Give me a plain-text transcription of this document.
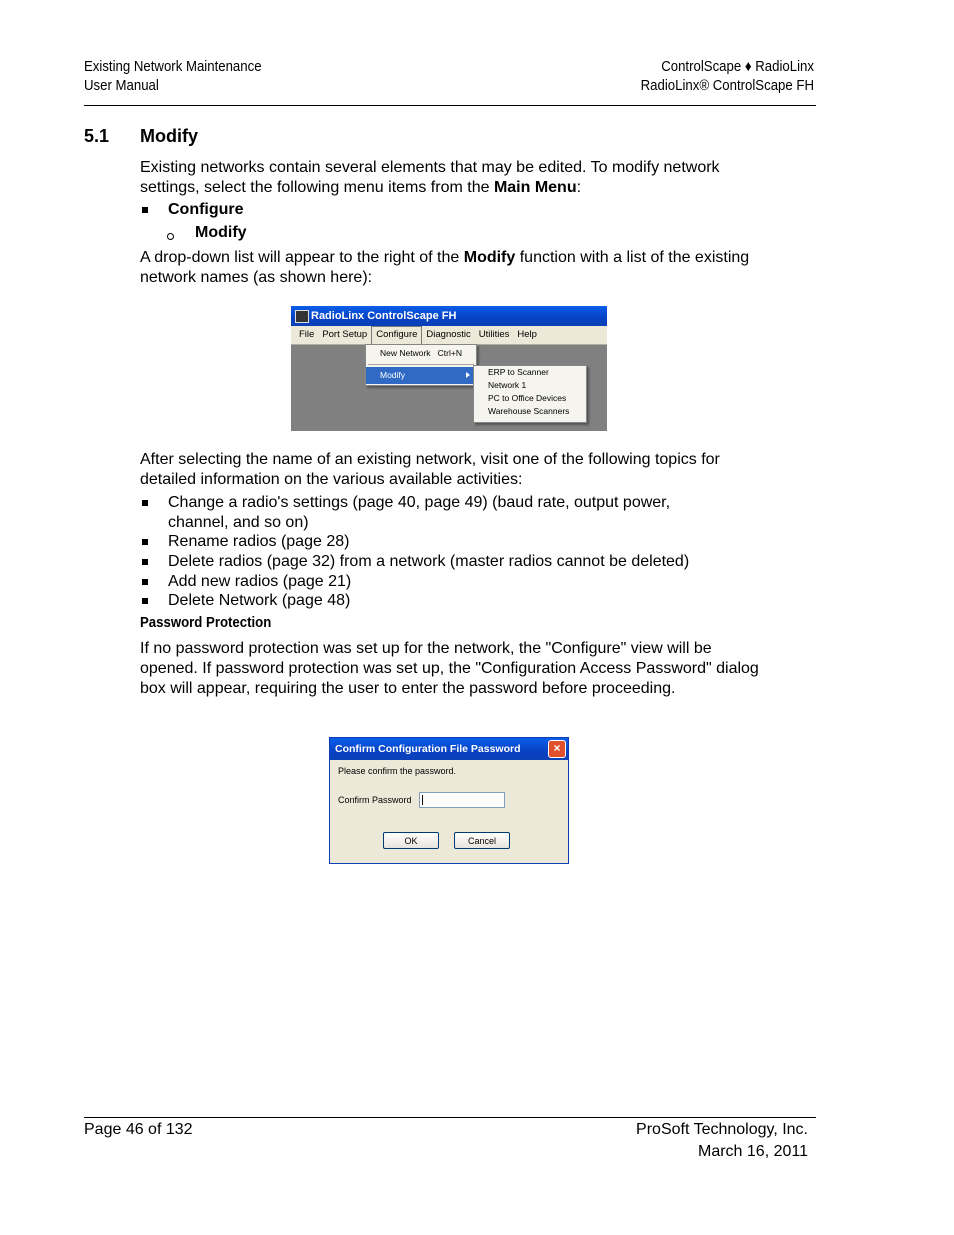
Existing Network Maintenance
User Manual
ControlScape ♦ RadioLinx
RadioLinx® ControlScape FH
5.1 Modify
Existing networks contain several elements that may be edited. To modify network settings, select the following menu items from the Main Menu:
Configure
Modify
A drop-down list will appear to the right of the Modify function with a list of the existing network names (as shown here):
RadioLinx ControlScape FH
File Port Setup Configure Diagnostic Utilities Help
New Network Ctrl+N
Modify	ERP to Scanner
Network 1
PC to Office Devices
Warehouse Scanners
After selecting the name of an existing network, visit one of the following topics for detailed information on the various available activities:
Change a radio's settings (page 40, page 49) (baud rate, output power,
channel, and so on)
Rename radios (page 28)
Delete radios (page 32) from a network (master radios cannot be deleted)
Add new radios (page 21)
Delete Network (page 48)
Password Protection
If no password protection was set up for the network, the "Configure" view will be opened. If password protection was set up, the "Configuration Access Password" dialog box will appear, requiring the user to enter the password before proceeding.
Confirm Configuration File Password	×
Please confirm the password.
Confirm Password
OK	Cancel
Page 46 of 132	ProSoft Technology, Inc.
March 16, 2011
